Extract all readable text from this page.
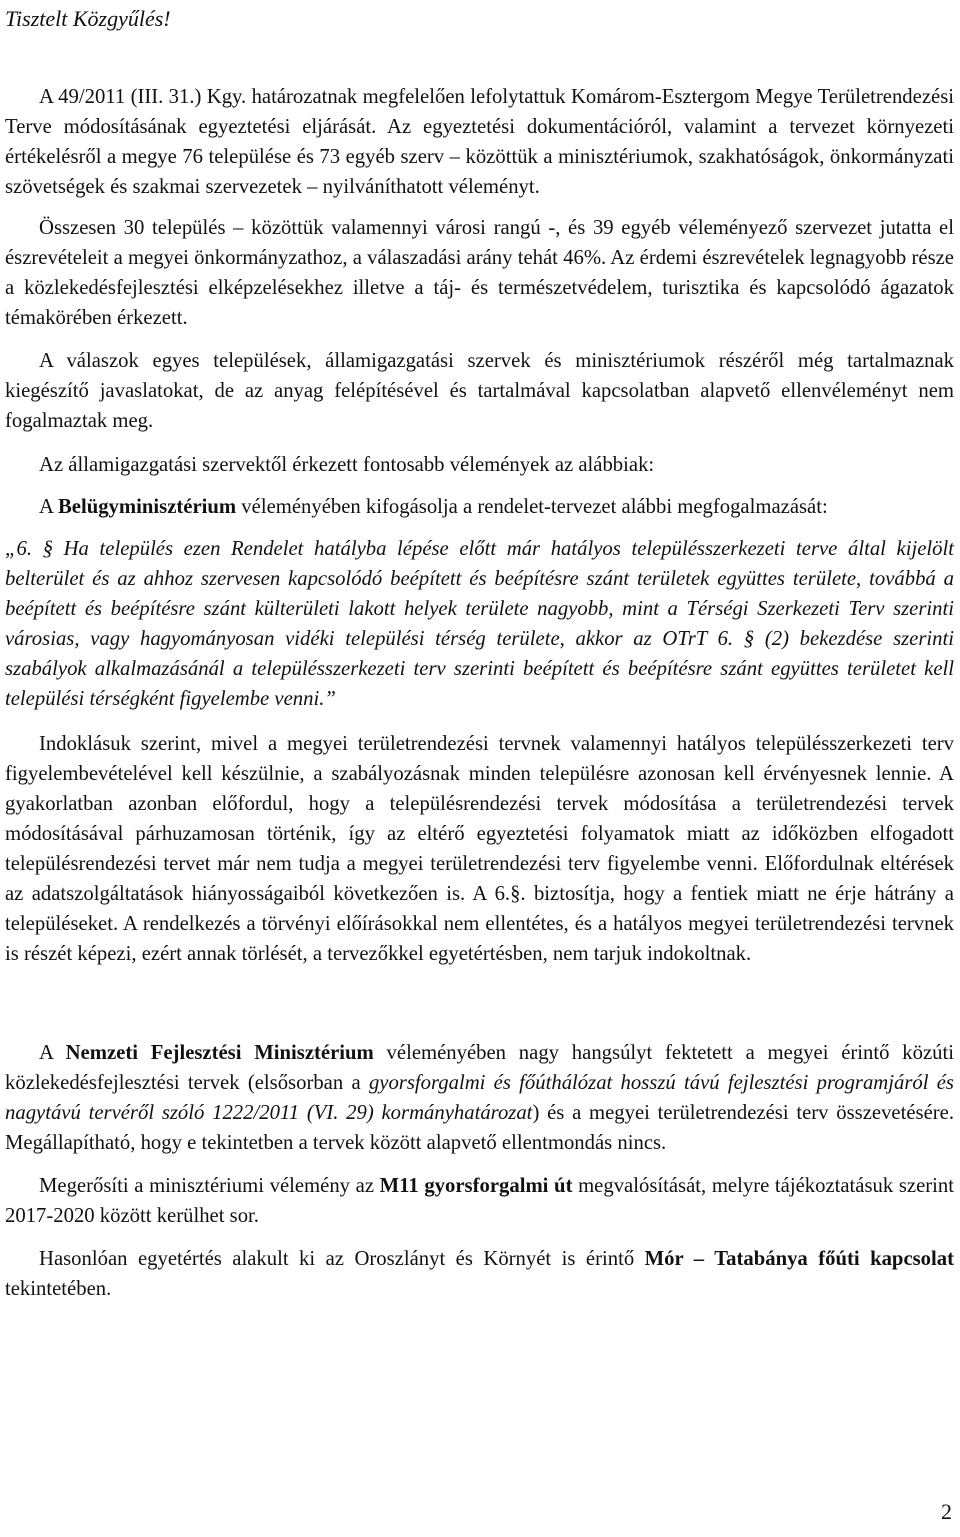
Tisztelt Közgyűlés!

A 49/2011 (III. 31.) Kgy. határozatnak megfelelően lefolytattuk Komárom-Esztergom Megye Területrendezési Terve módosításának egyeztetési eljárását. Az egyeztetési dokumentációról, valamint a tervezet környezeti értékelésről a megye 76 települése és 73 egyéb szerv – közöttük a minisztériumok, szakhatóságok, önkormányzati szövetségek és szakmai szervezetek – nyilváníthatott véleményt.

Összesen 30 település – közöttük valamennyi városi rangú -, és 39 egyéb véleményező szervezet jutatta el észrevételeit a megyei önkormányzathoz, a válaszadási arány tehát 46%. Az érdemi észrevételek legnagyobb része a közlekedésfejlesztési elképzelésekhez illetve a táj- és természetvédelem, turisztika és kapcsolódó ágazatok témakörében érkezett.

A válaszok egyes települések, államigazgatási szervek és minisztériumok részéről még tartalmaznak kiegészítő javaslatokat, de az anyag felépítésével és tartalmával kapcsolatban alapvető ellenvéleményt nem fogalmaztak meg.

Az államigazgatási szervektől érkezett fontosabb vélemények az alábbiak:

A Belügyminisztérium véleményében kifogásolja a rendelet-tervezet alábbi megfogalmazását:

„6. § Ha település ezen Rendelet hatályba lépése előtt már hatályos településszerkezeti terve által kijelölt belterület és az ahhoz szervesen kapcsolódó beépített és beépítésre szánt területek együttes területe, továbbá a beépített és beépítésre szánt külterületi lakott helyek területe nagyobb, mint a Térségi Szerkezeti Terv szerinti városias, vagy hagyományosan vidéki települési térség területe, akkor az OTrT 6. § (2) bekezdése szerinti szabályok alkalmazásánál a településszerkezeti terv szerinti beépített és beépítésre szánt együttes területet kell települési térségként figyelembe venni.”

Indoklásuk szerint, mivel a megyei területrendezési tervnek valamennyi hatályos településszerkezeti terv figyelembevételével kell készülnie, a szabályozásnak minden településre azonosan kell érvényesnek lennie. A gyakorlatban azonban előfordul, hogy a településrendezési tervek módosítása a területrendezési tervek módosításával párhuzamosan történik, így az eltérő egyeztetési folyamatok miatt az időközben elfogadott településrendezési tervet már nem tudja a megyei területrendezési terv figyelembe venni. Előfordulnak eltérések az adatszolgáltatások hiányosságaiból következően is. A 6.§. biztosítja, hogy a fentiek miatt ne érje hátrány a településeket. A rendelkezés a törvényi előírásokkal nem ellentétes, és a hatályos megyei területrendezési tervnek is részét képezi, ezért annak törlését, a tervezőkkel egyetértésben, nem tarjuk indokoltnak.

A Nemzeti Fejlesztési Minisztérium véleményében nagy hangsúlyt fektetett a megyei érintő közúti közlekedésfejlesztési tervek (elsősorban a gyorsforgalmi és főúthálózat hosszú távú fejlesztési programjáról és nagytávú tervéről szóló 1222/2011 (VI. 29) kormányhatározat) és a megyei területrendezési terv összevetésére. Megállapítható, hogy e tekintetben a tervek között alapvető ellentmondás nincs.

Megerősíti a minisztériumi vélemény az M11 gyorsforgalmi út megvalósítását, melyre tájékoztatásuk szerint 2017-2020 között kerülhet sor.

Hasonlóan egyetértés alakult ki az Oroszlányt és Környét is érintő Mór – Tatabánya főúti kapcsolat tekintetében.

2
